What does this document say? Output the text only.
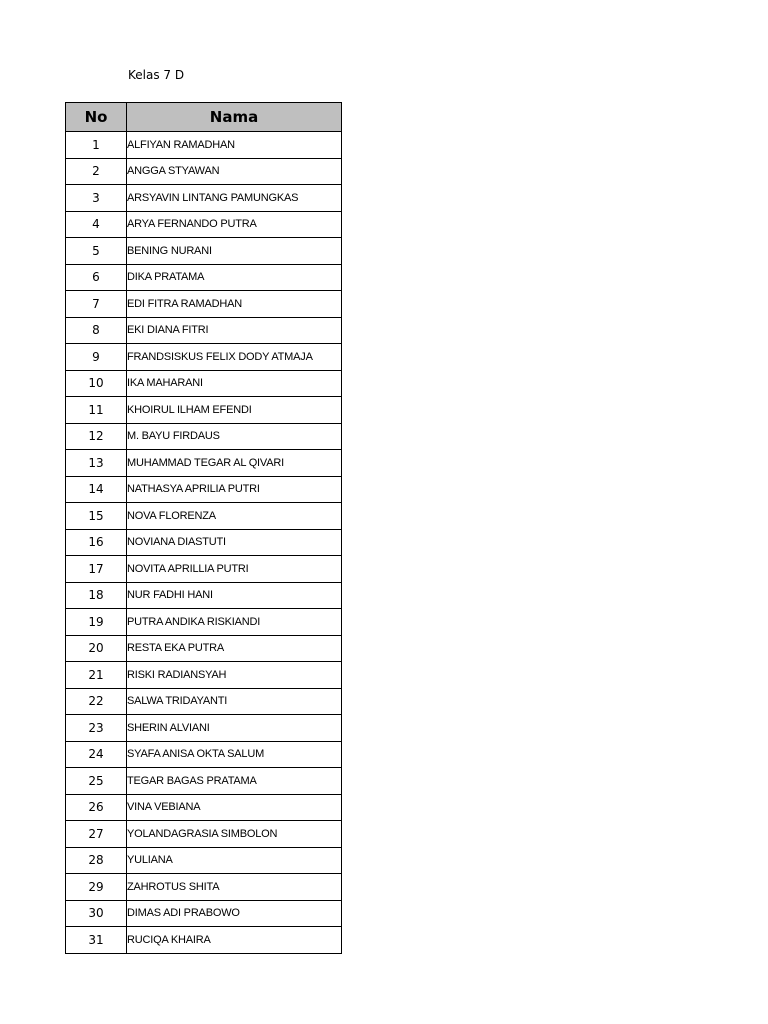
Kelas 7 D
No	Nama
1	ALFIYAN RAMADHAN
2	ANGGA STYAWAN
3	ARSYAVIN LINTANG PAMUNGKAS
4	ARYA FERNANDO PUTRA
5	BENING NURANI
6	DIKA PRATAMA
7	EDI FITRA RAMADHAN
8	EKI DIANA FITRI
9	FRANDSISKUS FELIX DODY ATMAJA
10	IKA MAHARANI
11	KHOIRUL ILHAM EFENDI
12	M. BAYU FIRDAUS
13	MUHAMMAD TEGAR AL QIVARI
14	NATHASYA APRILIA PUTRI
15	NOVA FLORENZA
16	NOVIANA DIASTUTI
17	NOVITA APRILLIA PUTRI
18	NUR FADHI HANI
19	PUTRA ANDIKA RISKIANDI
20	RESTA EKA PUTRA
21	RISKI RADIANSYAH
22	SALWA TRIDAYANTI
23	SHERIN ALVIANI
24	SYAFA ANISA OKTA SALUM
25	TEGAR BAGAS PRATAMA
26	VINA VEBIANA
27	YOLANDAGRASIA SIMBOLON
28	YULIANA
29	ZAHROTUS SHITA
30	DIMAS ADI PRABOWO
31	RUCIQA KHAIRA
